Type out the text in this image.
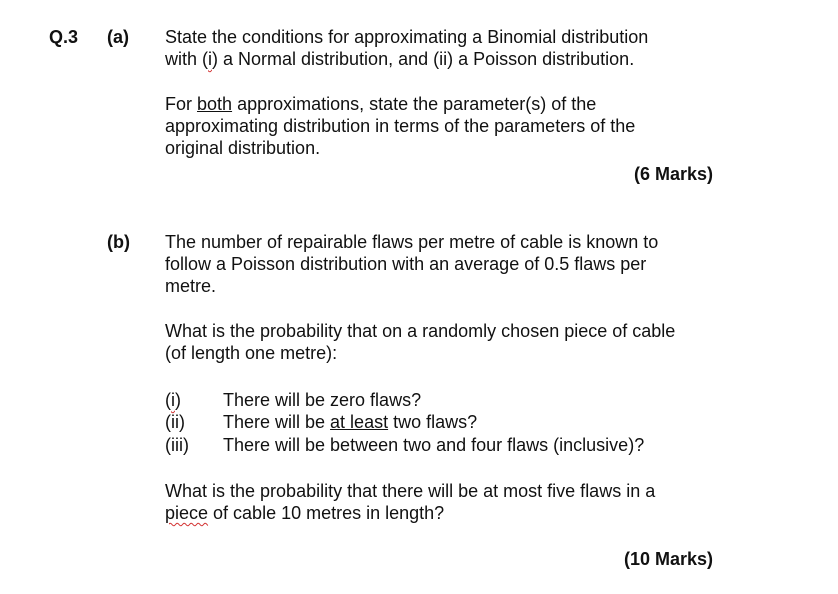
Q.3 (a)
(b)
State the conditions for approximating a Binomial distribution
with (i) a Normal distribution, and (ii) a Poisson distribution.
For both approximations, state the parameter(s) of the
approximating distribution in terms of the parameters of the
original distribution.
(6 Marks)
The number of repairable flaws per metre of cable is known to
follow a Poisson distribution with an average of 0.5 flaws per
metre.
What is the probability that on a randomly chosen piece of cable
(of length one metre):
(i) There will be zero flaws?
(ii) There will be at least two flaws?
(iii) There will be between two and four flaws (inclusive)?
What is the probability that there will be at most five flaws in a
piece of cable 10 metres in length?
(10 Marks)
